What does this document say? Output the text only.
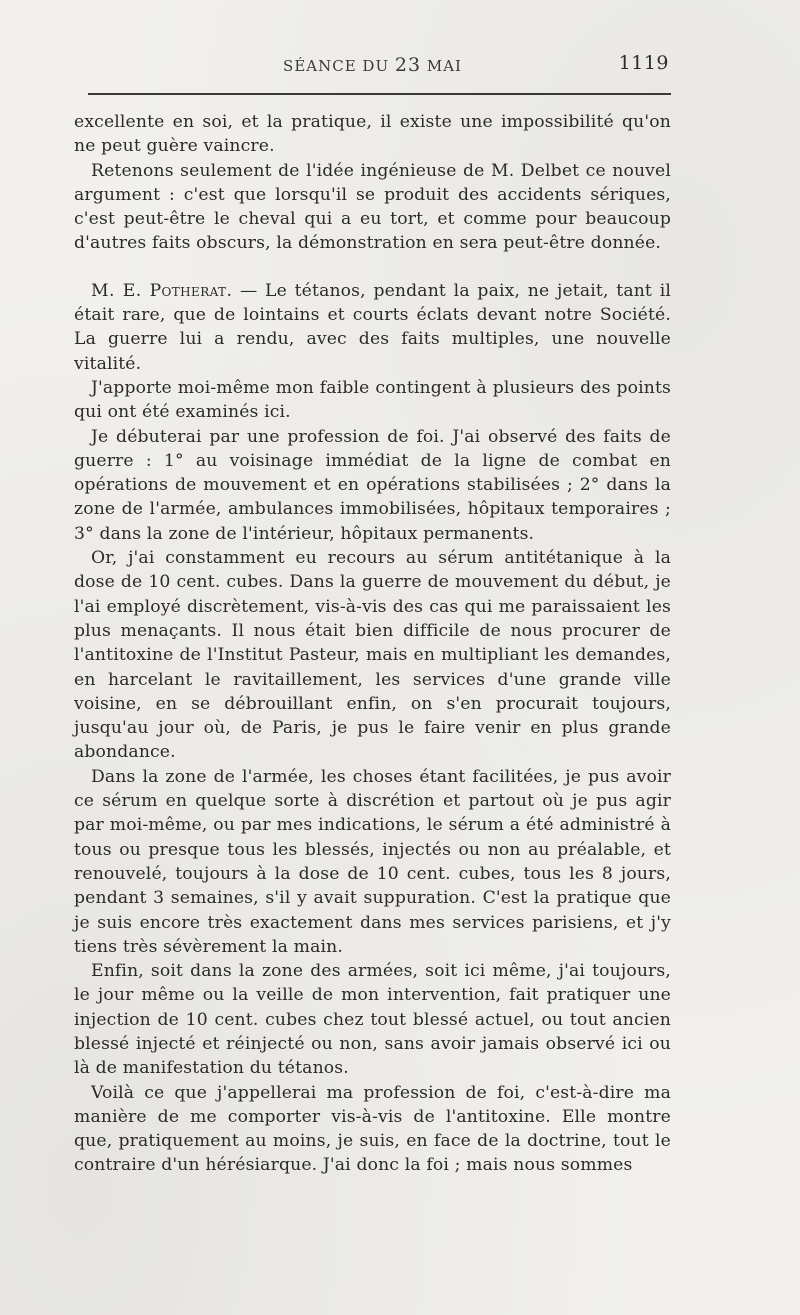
SÉANCE DU 23 MAI	1119

excellente en soi, et la pratique, il existe une impossibilité qu'on ne peut guère vaincre.

Retenons seulement de l'idée ingénieuse de M. Delbet ce nouvel argument : c'est que lorsqu'il se produit des accidents sériques, c'est peut-être le cheval qui a eu tort, et comme pour beaucoup d'autres faits obscurs, la démonstration en sera peut-être donnée.

M. E. Potherat. — Le tétanos, pendant la paix, ne jetait, tant il était rare, que de lointains et courts éclats devant notre Société. La guerre lui a rendu, avec des faits multiples, une nouvelle vitalité.

J'apporte moi-même mon faible contingent à plusieurs des points qui ont été examinés ici.

Je débuterai par une profession de foi. J'ai observé des faits de guerre : 1° au voisinage immédiat de la ligne de combat en opérations de mouvement et en opérations stabilisées ; 2° dans la zone de l'armée, ambulances immobilisées, hôpitaux temporaires ; 3° dans la zone de l'intérieur, hôpitaux permanents.

Or, j'ai constamment eu recours au sérum antitétanique à la dose de 10 cent. cubes. Dans la guerre de mouvement du début, je l'ai employé discrètement, vis-à-vis des cas qui me paraissaient les plus menaçants. Il nous était bien difficile de nous procurer de l'antitoxine de l'Institut Pasteur, mais en multipliant les demandes, en harcelant le ravitaillement, les services d'une grande ville voisine, en se débrouillant enfin, on s'en procurait toujours, jusqu'au jour où, de Paris, je pus le faire venir en plus grande abondance.

Dans la zone de l'armée, les choses étant facilitées, je pus avoir ce sérum en quelque sorte à discrétion et partout où je pus agir par moi-même, ou par mes indications, le sérum a été administré à tous ou presque tous les blessés, injectés ou non au préalable, et renouvelé, toujours à la dose de 10 cent. cubes, tous les 8 jours, pendant 3 semaines, s'il y avait suppuration. C'est la pratique que je suis encore très exactement dans mes services parisiens, et j'y tiens très sévèrement la main.

Enfin, soit dans la zone des armées, soit ici même, j'ai toujours, le jour même ou la veille de mon intervention, fait pratiquer une injection de 10 cent. cubes chez tout blessé actuel, ou tout ancien blessé injecté et réinjecté ou non, sans avoir jamais observé ici ou là de manifestation du tétanos.

Voilà ce que j'appellerai ma profession de foi, c'est-à-dire ma manière de me comporter vis-à-vis de l'antitoxine. Elle montre que, pratiquement au moins, je suis, en face de la doctrine, tout le contraire d'un hérésiarque. J'ai donc la foi ; mais nous sommes
